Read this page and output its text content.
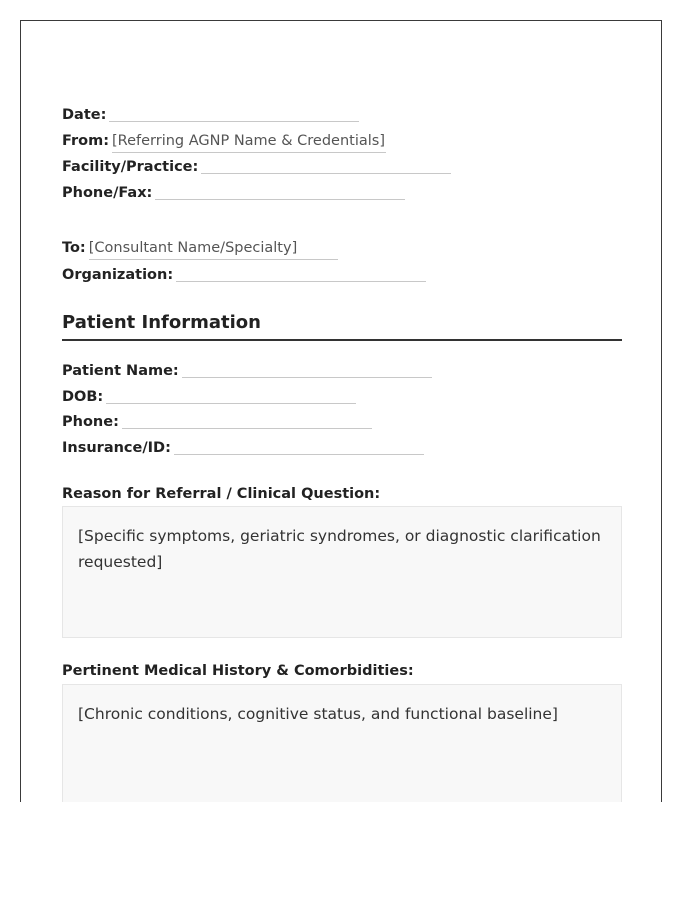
Date:
From: [Referring AGNP Name & Credentials]
Facility/Practice:
Phone/Fax:
To: [Consultant Name/Specialty]
Organization:
Patient Information
Patient Name:
DOB:
Phone:
Insurance/ID:
Reason for Referral / Clinical Question:
[Specific symptoms, geriatric syndromes, or diagnostic clarification requested]
Pertinent Medical History & Comorbidities:
[Chronic conditions, cognitive status, and functional baseline]
